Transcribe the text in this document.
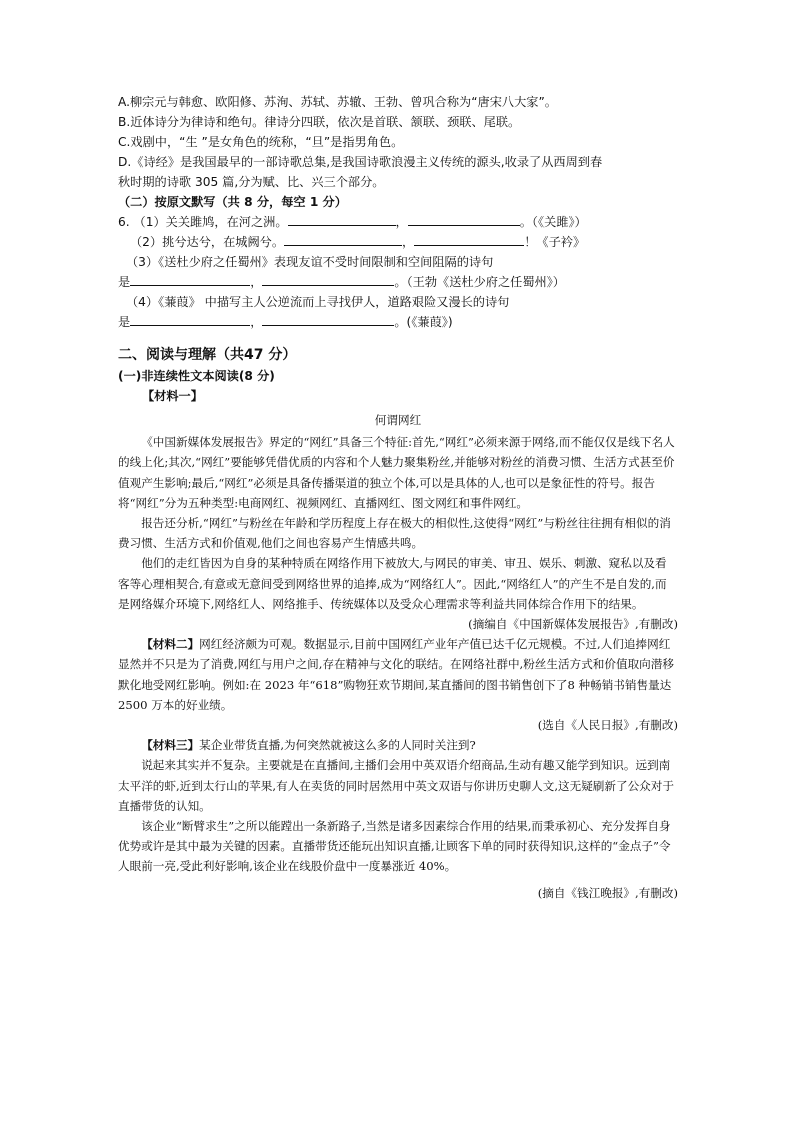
A.柳宗元与韩愈、欧阳修、苏洵、苏轼、苏辙、王勃、曾巩合称为“唐宋八大家”。
B.近体诗分为律诗和绝句。律诗分四联，依次是首联、颔联、颈联、尾联。
C.戏剧中，“生 ”是女角色的统称，“旦”是指男角色。
D.《诗经》是我国最早的一部诗歌总集,是我国诗歌浪漫主义传统的源头,收录了从西周到春
秋时期的诗歌 305 篇,分为赋、比、兴三个部分。
（二）按原文默写（共 8 分，每空 1 分）
6. （1）关关雎鸠，在河之洲。	，	。（《关雎》）
（2）挑兮达兮，在城阙兮。	，	！《子衿》
（3）《送杜少府之任蜀州》表现友谊不受时间限制和空间阻隔的诗句
是	，	。（王勃《送杜少府之任蜀州》）
（4）《蒹葭》 中描写主人公逆流而上寻找伊人，道路艰险又漫长的诗句
是	，	。(《蒹葭》)
二、阅读与理解（共47 分）
(一)非连续性文本阅读(8 分)
【材料一】
何谓网红
《中国新媒体发展报告》界定的“网红”具备三个特征:首先,“网红”必须来源于网络,而不能仅仅是线下名人的线上化;其次,“网红”要能够凭借优质的内容和个人魅力聚集粉丝,并能够对粉丝的消费习惯、生活方式甚至价值观产生影响;最后,“网红”必须是具备传播渠道的独立个体,可以是具体的人,也可以是象征性的符号。报告将“网红”分为五种类型:电商网红、视频网红、直播网红、图文网红和事件网红。
报告还分析,“网红”与粉丝在年龄和学历程度上存在极大的相似性,这使得“网红”与粉丝往往拥有相似的消费习惯、生活方式和价值观,他们之间也容易产生情感共鸣。
他们的走红皆因为自身的某种特质在网络作用下被放大,与网民的审美、审丑、娱乐、刺激、窥私以及看客等心理相契合,有意或无意间受到网络世界的追捧,成为“网络红人”。因此,“网络红人”的产生不是自发的,而是网络媒介环境下,网络红人、网络推手、传统媒体以及受众心理需求等利益共同体综合作用下的结果。
(摘编自《中国新媒体发展报告》,有删改)
【材料二】网红经济颇为可观。数据显示,目前中国网红产业年产值已达千亿元规模。不过,人们追捧网红显然并不只是为了消费,网红与用户之间,存在精神与文化的联结。在网络社群中,粉丝生活方式和价值取向潜移默化地受网红影响。例如:在 2023 年“618”购物狂欢节期间,某直播间的图书销售创下了8 种畅销书销售量达 2500 万本的好业绩。
(选自《人民日报》,有删改)
【材料三】某企业带货直播,为何突然就被这么多的人同时关注到?
说起来其实并不复杂。主要就是在直播间,主播们会用中英双语介绍商品,生动有趣又能学到知识。远到南太平洋的虾,近到太行山的苹果,有人在卖货的同时居然用中英文双语与你讲历史聊人文,这无疑刷新了公众对于直播带货的认知。
该企业“断臂求生”之所以能蹚出一条新路子,当然是诸多因素综合作用的结果,而秉承初心、充分发挥自身优势或许是其中最为关键的因素。直播带货还能玩出知识直播,让顾客下单的同时获得知识,这样的“金点子”令人眼前一亮,受此利好影响,该企业在线股价盘中一度暴涨近 40%。
(摘自《钱江晚报》,有删改)
